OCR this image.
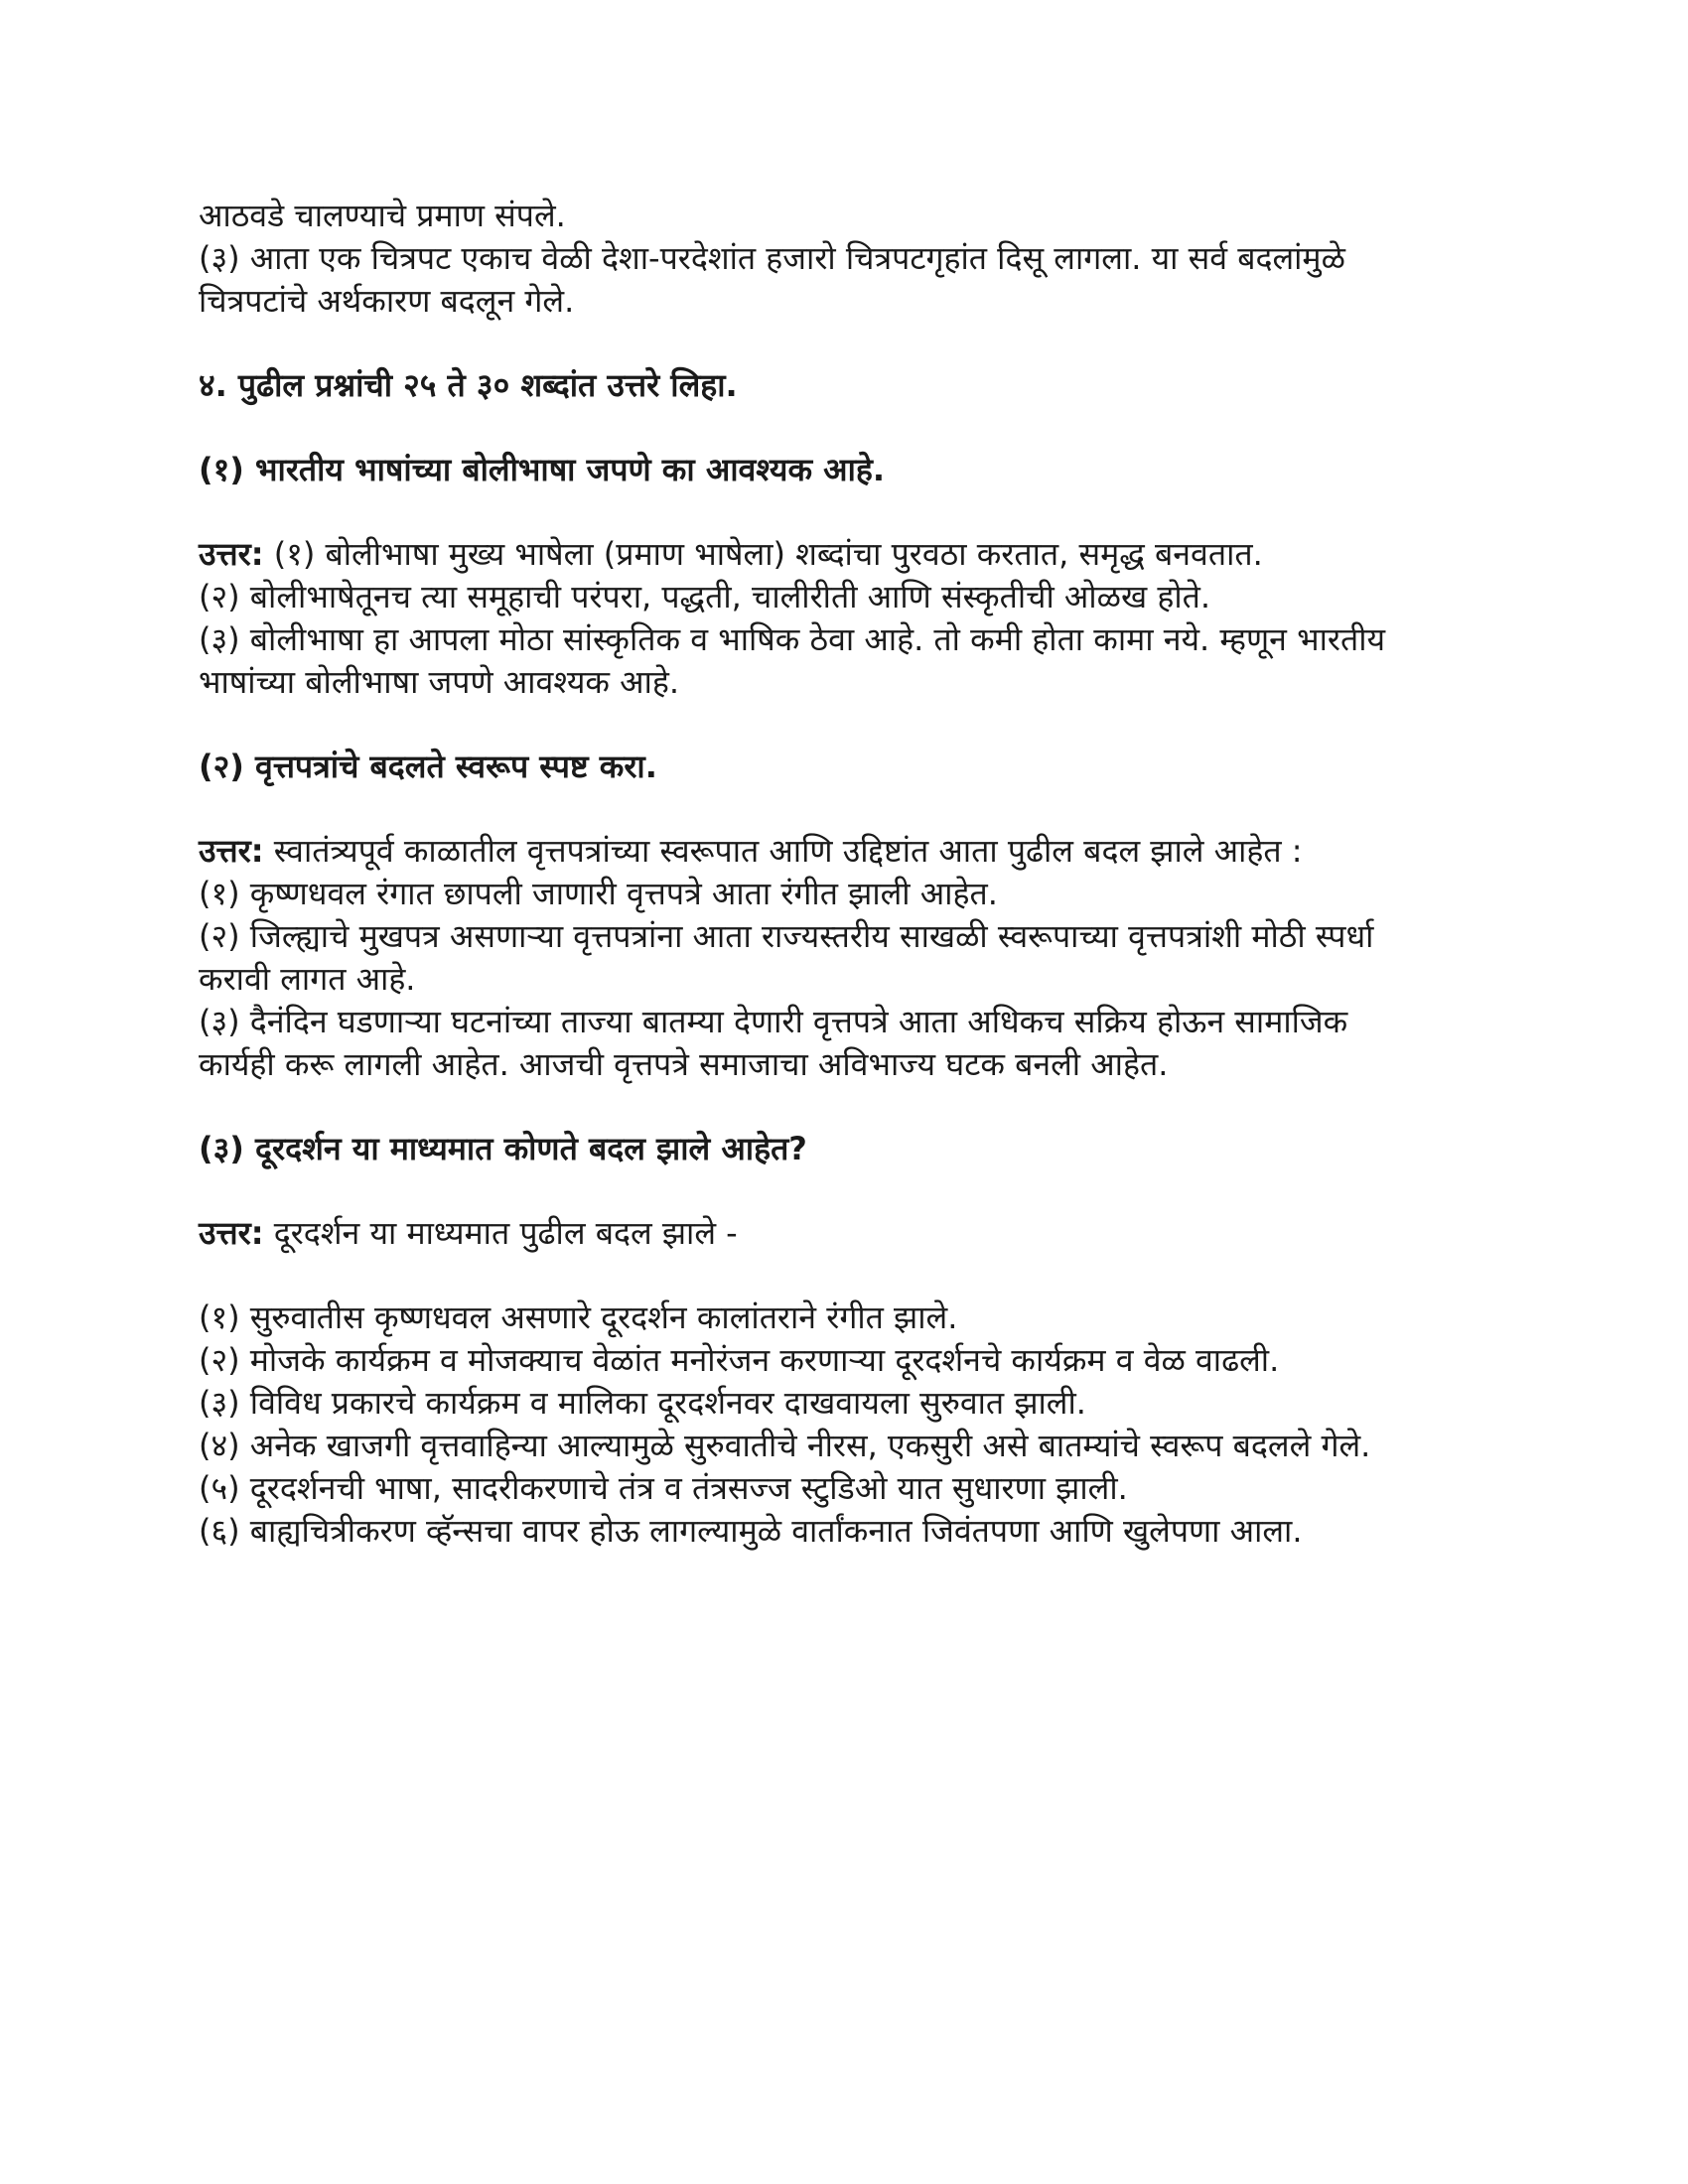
आठवडे चालण्याचे प्रमाण संपले.

(३) आता एक चित्रपट एकाच वेळी देशा-परदेशांत हजारो चित्रपटगृहांत दिसू लागला. या सर्व बदलांमुळे

चित्रपटांचे अर्थकारण बदलून गेले.

४. पुढील प्रश्नांची २५ ते ३० शब्दांत उत्तरे लिहा.

(१) भारतीय भाषांच्या बोलीभाषा जपणे का आवश्यक आहे.

उत्तर: (१) बोलीभाषा मुख्य भाषेला (प्रमाण भाषेला) शब्दांचा पुरवठा करतात, समृद्ध बनवतात.

(२) बोलीभाषेतूनच त्या समूहाची परंपरा, पद्धती, चालीरीती आणि संस्कृतीची ओळख होते.

(३) बोलीभाषा हा आपला मोठा सांस्कृतिक व भाषिक ठेवा आहे. तो कमी होता कामा नये. म्हणून भारतीय

भाषांच्या बोलीभाषा जपणे आवश्यक आहे.

(२) वृत्तपत्रांचे बदलते स्वरूप स्पष्ट करा.

उत्तर: स्वातंत्र्यपूर्व काळातील वृत्तपत्रांच्या स्वरूपात आणि उद्दिष्टांत आता पुढील बदल झाले आहेत :

(१) कृष्णधवल रंगात छापली जाणारी वृत्तपत्रे आता रंगीत झाली आहेत.

(२) जिल्ह्याचे मुखपत्र असणाऱ्या वृत्तपत्रांना आता राज्यस्तरीय साखळी स्वरूपाच्या वृत्तपत्रांशी मोठी स्पर्धा

करावी लागत आहे.

(३) दैनंदिन घडणाऱ्या घटनांच्या ताज्या बातम्या देणारी वृत्तपत्रे आता अधिकच सक्रिय होऊन सामाजिक

कार्यही करू लागली आहेत. आजची वृत्तपत्रे समाजाचा अविभाज्य घटक बनली आहेत.

(३) दूरदर्शन या माध्यमात कोणते बदल झाले आहेत?

उत्तर: दूरदर्शन या माध्यमात पुढील बदल झाले -

(१) सुरुवातीस कृष्णधवल असणारे दूरदर्शन कालांतराने रंगीत झाले.

(२) मोजके कार्यक्रम व मोजक्याच वेळांत मनोरंजन करणाऱ्या दूरदर्शनचे कार्यक्रम व वेळ वाढली.

(३) विविध प्रकारचे कार्यक्रम व मालिका दूरदर्शनवर दाखवायला सुरुवात झाली.

(४) अनेक खाजगी वृत्तवाहिन्या आल्यामुळे सुरुवातीचे नीरस, एकसुरी असे बातम्यांचे स्वरूप बदलले गेले.

(५) दूरदर्शनची भाषा, सादरीकरणाचे तंत्र व तंत्रसज्ज स्टुडिओ यात सुधारणा झाली.

(६) बाह्यचित्रीकरण व्हॅन्सचा वापर होऊ लागल्यामुळे वार्तांकनात जिवंतपणा आणि खुलेपणा आला.
